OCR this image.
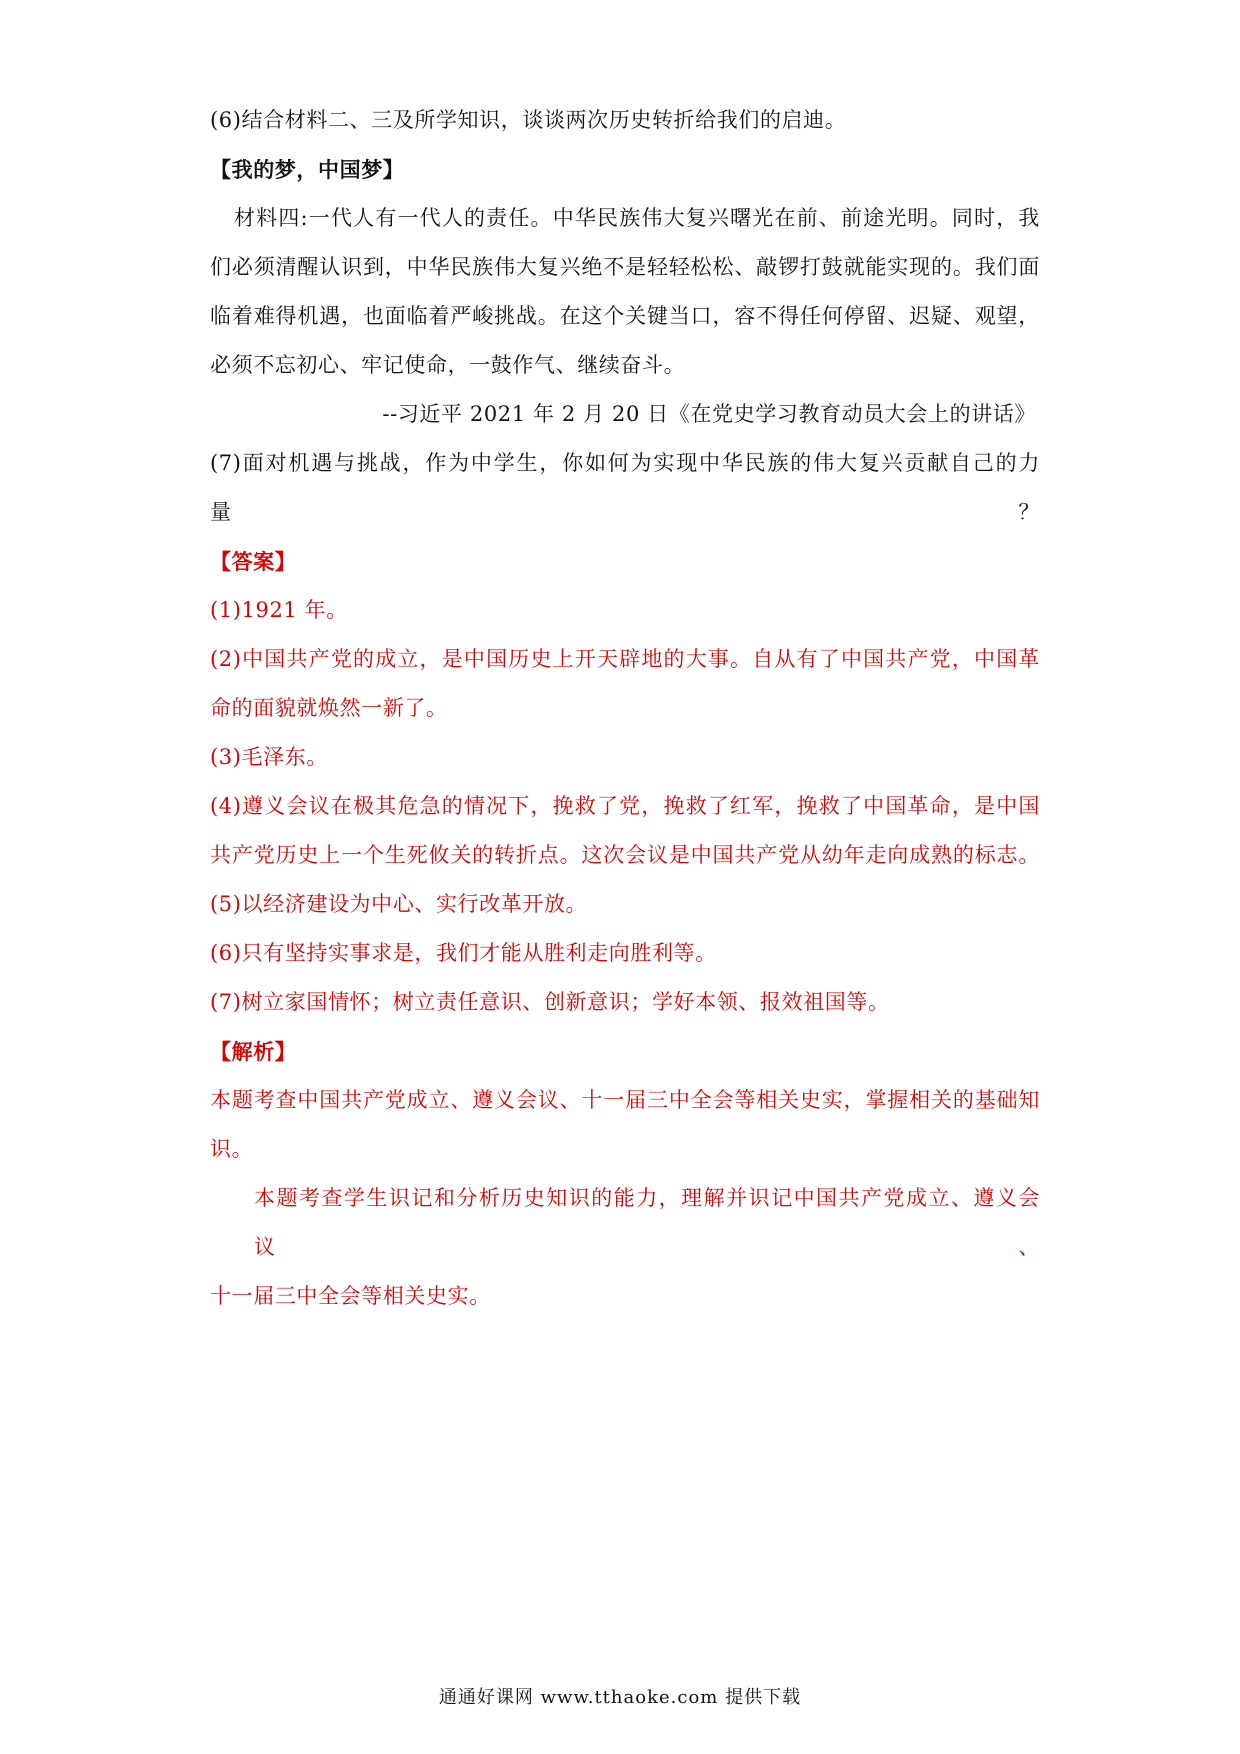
(6)结合材料二、三及所学知识，谈谈两次历史转折给我们的启迪。
【我的梦，中国梦】
材料四:一代人有一代人的责任。中华民族伟大复兴曙光在前、前途光明。同时，我
们必须清醒认识到，中华民族伟大复兴绝不是轻轻松松、敲锣打鼓就能实现的。我们面
临着难得机遇，也面临着严峻挑战。在这个关键当口，容不得任何停留、迟疑、观望，
必须不忘初心、牢记使命，一鼓作气、继续奋斗。
--习近平 2021 年 2 月 20 日《在党史学习教育动员大会上的讲话》
(7)面对机遇与挑战，作为中学生，你如何为实现中华民族的伟大复兴贡献自己的力量？
【答案】
(1)1921 年。
(2)中国共产党的成立，是中国历史上开天辟地的大事。自从有了中国共产党，中国革
命的面貌就焕然一新了。
(3)毛泽东。
(4)遵义会议在极其危急的情况下，挽救了党，挽救了红军，挽救了中国革命，是中国
共产党历史上一个生死攸关的转折点。这次会议是中国共产党从幼年走向成熟的标志。
(5)以经济建设为中心、实行改革开放。
(6)只有坚持实事求是，我们才能从胜利走向胜利等。
(7)树立家国情怀；树立责任意识、创新意识；学好本领、报效祖国等。
【解析】
本题考查中国共产党成立、遵义会议、十一届三中全会等相关史实，掌握相关的基础知
识。
本题考查学生识记和分析历史知识的能力，理解并识记中国共产党成立、遵义会议、
十一届三中全会等相关史实。
通通好课网 www.tthaoke.com 提供下载
